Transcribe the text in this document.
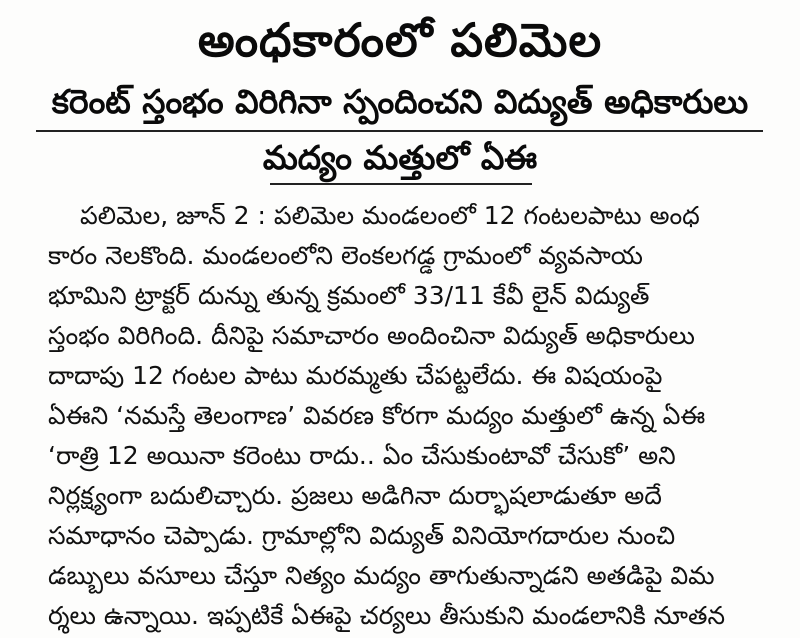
అంధకారంలో పలిమెల
కరెంట్ స్తంభం విరిగినా స్పందించని విద్యుత్ అధికారులు
మద్యం మత్తులో ఏఈ
పలిమెల, జూన్ 2 : పలిమెల మండలంలో 12 గంటలపాటు అంధ
కారం నెలకొంది. మండలంలోని లెంకలగడ్డ గ్రామంలో వ్యవసాయ
భూమిని ట్రాక్టర్ దున్ను తున్న క్రమంలో 33/11 కేవీ లైన్ విద్యుత్
స్తంభం విరిగింది. దీనిపై సమాచారం అందించినా విద్యుత్ అధికారులు
దాదాపు 12 గంటల పాటు మరమ్మతు చేపట్టలేదు. ఈ విషయంపై
ఏఈని ‘నమస్తే తెలంగాణ’ వివరణ కోరగా మద్యం మత్తులో ఉన్న ఏఈ
‘రాత్రి 12 అయినా కరెంటు రాదు.. ఏం చేసుకుంటావో చేసుకో’ అని
నిర్లక్ష్యంగా బదులిచ్చారు. ప్రజలు అడిగినా దుర్భాషలాడుతూ అదే
సమాధానం చెప్పాడు. గ్రామాల్లోని విద్యుత్ వినియోగదారుల నుంచి
డబ్బులు వసూలు చేస్తూ నిత్యం మద్యం తాగుతున్నాడని అతడిపై విమ
ర్శలు ఉన్నాయి. ఇప్పటికే ఏఈపై చర్యలు తీసుకుని మండలానికి నూతన
